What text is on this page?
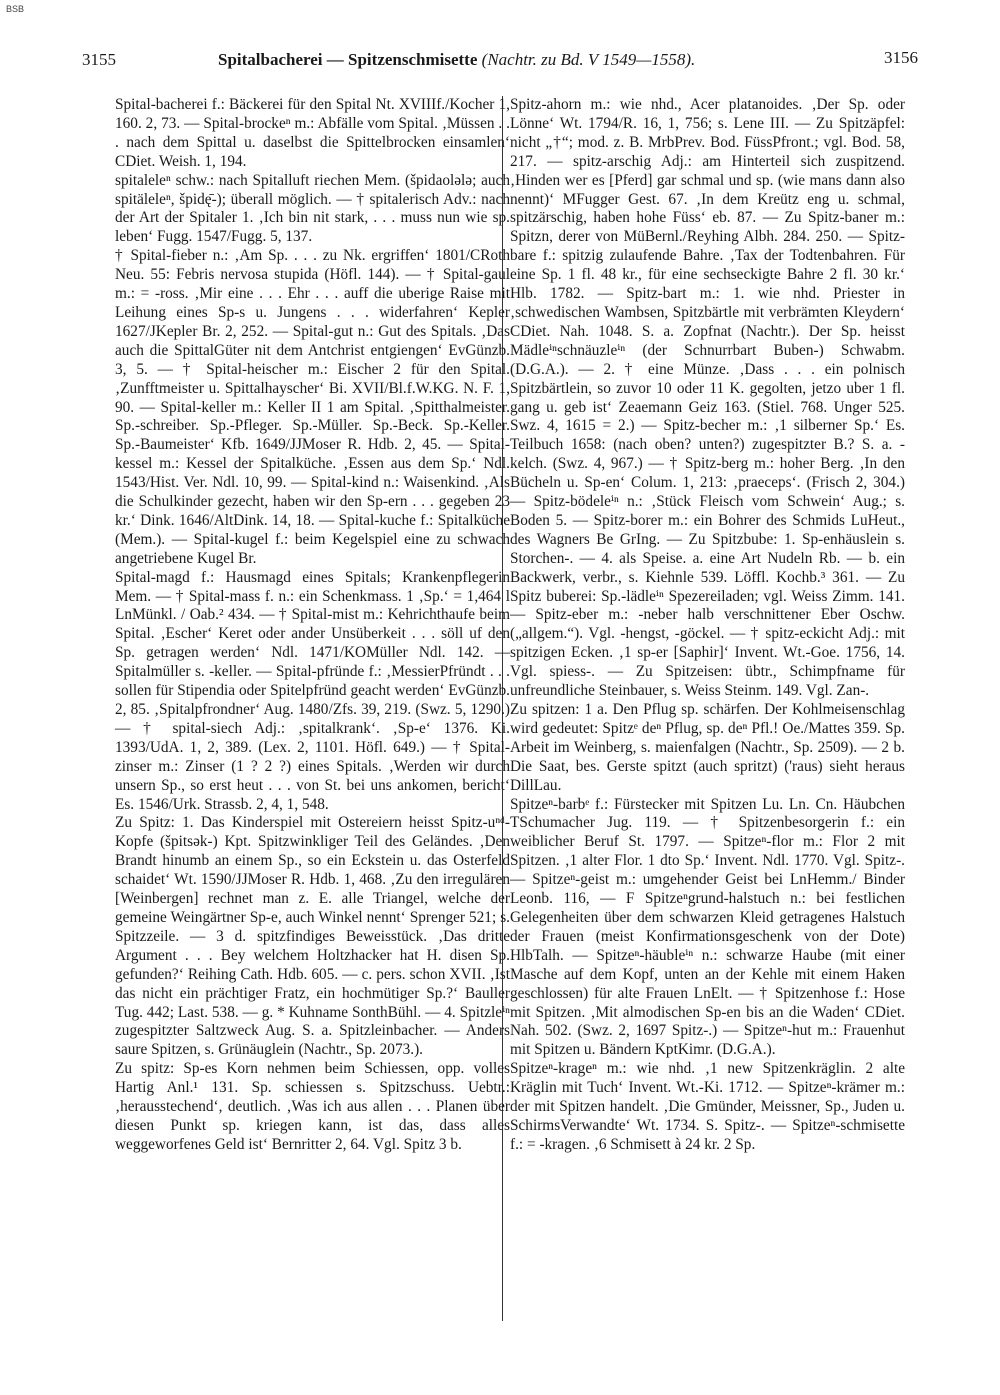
BSB
3155	Spitalbacherei — Spitzenschmisette (Nachtr. zu Bd. V 1549—1558).	3156

Spital-bacherei f.: Bäckerei für den Spital Nt. XVIIIf./Kocher 1, 160. 2, 73. — Spital-brockeⁿ m.: Abfälle vom Spital. ‚Müssen . . . nach dem Spittal u. daselbst die Spittelbrocken einsamlen‘ CDiet. Weish. 1, 194.

spitaleleⁿ schw.: nach Spitalluft riechen Mem. (špidaolələ; auch spitäleleⁿ, špidę̄-); überall möglich. — † spitalerisch Adv.: nach der Art der Spitaler 1. ‚Ich bin nit stark, . . . muss nun wie sp. leben‘ Fugg. 1547/Fugg. 5, 137.

† Spital-fieber n.: ‚Am Sp. . . . zu Nk. ergriffen‘ 1801/CRoth Neu. 55: Febris nervosa stupida (Höfl. 144). — † Spital-gaul m.: = -ross. ‚Mir eine . . . Ehr . . . auff die uberige Raise mit Leihung eines Sp-s u. Jungens . . . widerfahren‘ Kepler 1627/JKepler Br. 2, 252. — Spital-gut n.: Gut des Spitals. ‚Das auch die SpittalGüter nit dem Antchrist entgiengen‘ EvGünzb. 3, 5. — † Spital-heischer m.: Eischer 2 für den Spital. ‚Zunfftmeister u. Spittalhayscher‘ Bi. XVII/Bl.f.W.KG. N. F. 1, 90. — Spital-keller m.: Keller II 1 am Spital. ‚Spitthalmeister. Sp.-schreiber. Sp.-Pfleger. Sp.-Müller. Sp.-Beck. Sp.-Keller. Sp.-Baumeister‘ Kfb. 1649/JJMoser R. Hdb. 2, 45. — Spital-kessel m.: Kessel der Spitalküche. ‚Essen aus dem Sp.‘ Ndl. 1543/Hist. Ver. Ndl. 10, 99. — Spital-kind n.: Waisenkind. ‚Als die Schulkinder gezecht, haben wir den Sp-ern . . . gegeben 23 kr.‘ Dink. 1646/AltDink. 14, 18. — Spital-kuche f.: Spitalküche (Mem.). — Spital-kugel f.: beim Kegelspiel eine zu schwach angetriebene Kugel Br.

Spital-magd f.: Hausmagd eines Spitals; Krankenpflegerin Mem. — † Spital-mass f. n.: ein Schenkmass. 1 ‚Sp.‘ = 1,464 l LnMünkl. / Oab.² 434. — † Spital-mist m.: Kehrichthaufe beim Spital. ‚Escher‘ Keret oder ander Unsüberkeit . . . söll uf den Sp. getragen werden‘ Ndl. 1471/KOMüller Ndl. 142. — Spitalmüller s. -keller. — Spital-pfründe f.: ‚MessierPfründt . . . sollen für Stipendia oder Spitelpfründ geacht werden‘ EvGünzb. 2, 85. ‚Spitalpfrondner‘ Aug. 1480/Zfs. 39, 219. (Swz. 5, 1290.) — † spital-siech Adj.: ‚spitalkrank‘. ‚Sp-e‘ 1376. Ki. 1393/UdA. 1, 2, 389. (Lex. 2, 1101. Höfl. 649.) — † Spital-zinser m.: Zinser (1 ? 2 ?) eines Spitals. ‚Werden wir durch unsern Sp., so erst heut . . . von St. bei uns ankomen, bericht‘ Es. 1546/Urk. Strassb. 2, 4, 1, 548.

Zu Spitz: 1. Das Kinderspiel mit Ostereiern heisst Spitz-uⁿᵈ-Kopfe (špitsək-) Kpt. Spitzwinkliger Teil des Geländes. ‚Den Brandt hinumb an einem Sp., so ein Eckstein u. das Osterfeld schaidet‘ Wt. 1590/JJMoser R. Hdb. 1, 468. ‚Zu den irregulären [Weinbergen] rechnet man z. E. alle Triangel, welche der gemeine Weingärtner Sp-e, auch Winkel nennt‘ Sprenger 521; s. Spitzzeile. — 3 d. spitzfindiges Beweisstück. ‚Das dritte Argument . . . Bey welchem Holtzhacker hat H. disen Sp. gefunden?‘ Reihing Cath. Hdb. 605. — c. pers. schon XVII. ‚Ist das nicht ein prächtiger Fratz, ein hochmütiger Sp.?‘ Bauller Tug. 442; Last. 538. — g. * Kuhname SonthBühl. — 4. Spitzleⁱⁿ zugespitzter Saltzweck Aug. S. a. Spitzleinbacher. — Anders saure Spitzen, s. Grünäuglein (Nachtr., Sp. 2073.).

Zu spitz: Sp-es Korn nehmen beim Schiessen, opp. volles Hartig Anl.¹ 131. Sp. schiessen s. Spitzschuss. Uebtr.: ‚herausstechend‘, deutlich. ‚Was ich aus allen . . . Planen über diesen Punkt sp. kriegen kann, ist das, dass alles weggeworfenes Geld ist‘ Bernritter 2, 64. Vgl. Spitz 3 b.

Spitz-ahorn m.: wie nhd., Acer platanoides. ‚Der Sp. oder Lönne‘ Wt. 1794/R. 16, 1, 756; s. Lene III. — Zu Spitzäpfel: nicht „†“; mod. z. B. MrbPrev. Bod. FüssPfront.; vgl. Bod. 58, 217. — spitz-arschig Adj.: am Hinterteil sich zuspitzend. ‚Hinden wer es [Pferd] gar schmal und sp. (wie mans dann also nennt)‘ MFugger Gest. 67. ‚In dem Kreütz eng u. schmal, spitzärschig, haben hohe Füss‘ eb. 87. — Zu Spitz-baner m.: Spitzn, derer von MüBernl./Reyhing Albh. 284. 250. — Spitz-bare f.: spitzig zulaufende Bahre. ‚Tax der Todtenbahren. Für eine Sp. 1 fl. 48 kr., für eine sechseckigte Bahre 2 fl. 30 kr.‘ Hlb. 1782. — Spitz-bart m.: 1. wie nhd. Priester in ‚schwedischen Wambsen, Spitzbärtle mit verbrämten Kleydern‘ CDiet. Nah. 1048. S. a. Zopfnat (Nachtr.). Der Sp. heisst Mädleⁱⁿschnäuzleⁱⁿ (der Schnurrbart Buben-) Schwabm. (D.G.A.). — 2. † eine Münze. ‚Dass . . . ein polnisch Spitzbärtlein, so zuvor 10 oder 11 K. gegolten, jetzo uber 1 fl. gang u. geb ist‘ Zeaemann Geiz 163. (Stiel. 768. Unger 525. Swz. 4, 1615 = 2.) — Spitz-becher m.: ‚1 silberner Sp.‘ Es. Teilbuch 1658: (nach oben? unten?) zugespitzter B.? S. a. -kelch. (Swz. 4, 967.) — † Spitz-berg m.: hoher Berg. ‚In den Bücheln u. Sp-en‘ Colum. 1, 213: ‚praeceps‘. (Frisch 2, 304.) — Spitz-bödeleⁱⁿ n.: ‚Stück Fleisch vom Schwein‘ Aug.; s. Boden 5. — Spitz-borer m.: ein Bohrer des Schmids LuHeut., des Wagners Be GrIng. — Zu Spitzbube: 1. Sp-enhäuslein s. Storchen-. — 4. als Speise. a. eine Art Nudeln Rb. — b. ein Backwerk, verbr., s. Kiehnle 539. Löffl. Kochb.³ 361. — Zu Spitz buberei: Sp.-lädleⁱⁿ Spezereiladen; vgl. Weiss Zimm. 141. — Spitz-eber m.: -neber halb verschnittener Eber Oschw. („allgem.“). Vgl. -hengst, -göckel. — † spitz-eckicht Adj.: mit spitzigen Ecken. ‚1 sp-er [Saphir]‘ Invent. Wt.-Goe. 1756, 14. Vgl. spiess-. — Zu Spitzeisen: übtr., Schimpfname für unfreundliche Steinbauer, s. Weiss Steinm. 149. Vgl. Zan-.

Zu spitzen: 1 a. Den Pflug sp. schärfen. Der Kohlmeisenschlag wird gedeutet: Spitzᵉ deⁿ Pflug, sp. deⁿ Pfl.! Oe./Mattes 359. Sp. Arbeit im Weinberg, s. maienfalgen (Nachtr., Sp. 2509). — 2 b. Die Saat, bes. Gerste spitzt (auch spritzt) ('raus) sieht heraus DillLau.

Spitzeⁿ-barbᵉ f.: Fürstecker mit Spitzen Lu. Ln. Cn. Häubchen TSchumacher Jug. 119. — † Spitzenbesorgerin f.: ein weiblicher Beruf St. 1797. — Spitzeⁿ-flor m.: Flor 2 mit Spitzen. ‚1 alter Flor. 1 dto Sp.‘ Invent. Ndl. 1770. Vgl. Spitz-. — Spitzeⁿ-geist m.: umgehender Geist bei LnHemm./ Binder Leonb. 116, — F Spitzeⁿgrund-halstuch n.: bei festlichen Gelegenheiten über dem schwarzen Kleid getragenes Halstuch der Frauen (meist Konfirmationsgeschenk von der Dote) HlbTalh. — Spitzeⁿ-häubleⁱⁿ n.: schwarze Haube (mit einer Masche auf dem Kopf, unten an der Kehle mit einem Haken geschlossen) für alte Frauen LnElt. — † Spitzenhose f.: Hose mit Spitzen. ‚Mit almodischen Sp-en bis an die Waden‘ CDiet. Nah. 502. (Swz. 2, 1697 Spitz-.) — Spitzeⁿ-hut m.: Frauenhut mit Spitzen u. Bändern KptKimr. (D.G.A.).

Spitzeⁿ-krageⁿ m.: wie nhd. ‚1 new Spitzenkräglin. 2 alte Kräglin mit Tuch‘ Invent. Wt.-Ki. 1712. — Spitzeⁿ-krämer m.: der mit Spitzen handelt. ‚Die Gmünder, Meissner, Sp., Juden u. SchirmsVerwandte‘ Wt. 1734. S. Spitz-. — Spitzeⁿ-schmisette f.: = -kragen. ‚6 Schmisett à 24 kr. 2 Sp.
